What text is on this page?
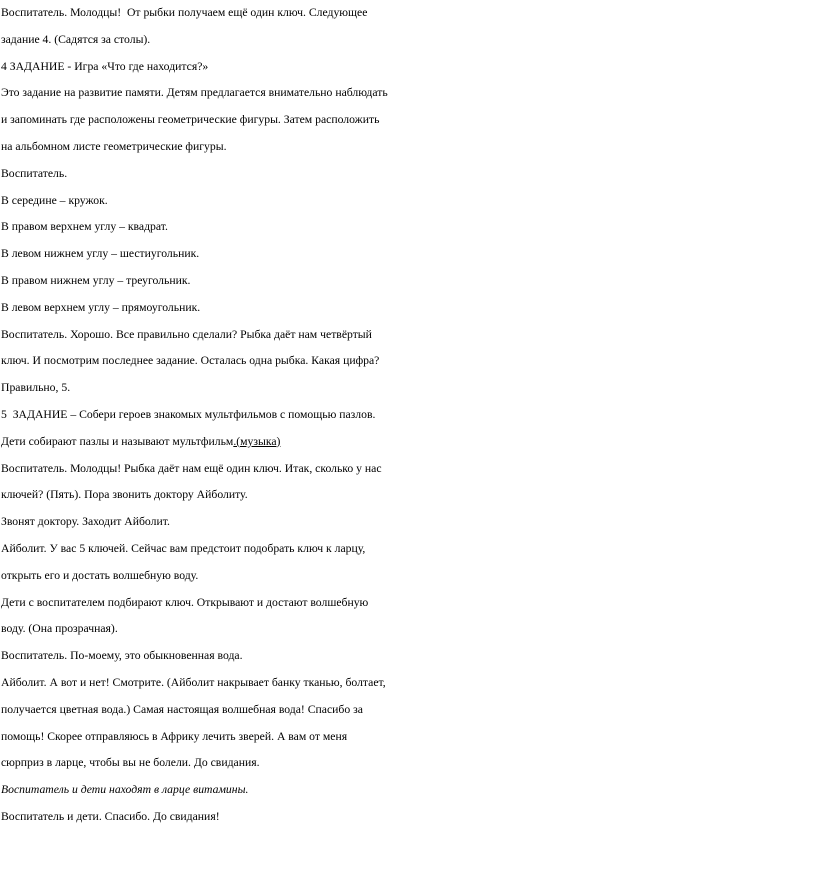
Воспитатель. Молодцы!  От рыбки получаем ещё один ключ. Следующее

задание 4. (Садятся за столы).

4 ЗАДАНИЕ - Игра «Что где находится?»

Это задание на развитие памяти. Детям предлагается внимательно наблюдать

и запоминать где расположены геометрические фигуры. Затем расположить

на альбомном листе геометрические фигуры.

Воспитатель.

В середине – кружок.

В правом верхнем углу – квадрат.

В левом нижнем углу – шестиугольник.

В правом нижнем углу – треугольник.

В левом верхнем углу – прямоугольник.

Воспитатель. Хорошо. Все правильно сделали? Рыбка даёт нам четвёртый

ключ. И посмотрим последнее задание. Осталась одна рыбка. Какая цифра?

Правильно, 5.

5  ЗАДАНИЕ – Собери героев знакомых мультфильмов с помощью пазлов.

Дети собирают пазлы и называют мультфильм.(музыка)

Воспитатель. Молодцы! Рыбка даёт нам ещё один ключ. Итак, сколько у нас

ключей? (Пять). Пора звонить доктору Айболиту.

Звонят доктору. Заходит Айболит.

Айболит. У вас 5 ключей. Сейчас вам предстоит подобрать ключ к ларцу,

открыть его и достать волшебную воду.

Дети с воспитателем подбирают ключ. Открывают и достают волшебную

воду. (Она прозрачная).

Воспитатель. По-моему, это обыкновенная вода.

Айболит. А вот и нет! Смотрите. (Айболит накрывает банку тканью, болтает,

получается цветная вода.) Самая настоящая волшебная вода! Спасибо за

помощь! Скорее отправляюсь в Африку лечить зверей. А вам от меня

сюрприз в ларце, чтобы вы не болели. До свидания.

Воспитатель и дети находят в ларце витамины.

Воспитатель и дети. Спасибо. До свидания!
